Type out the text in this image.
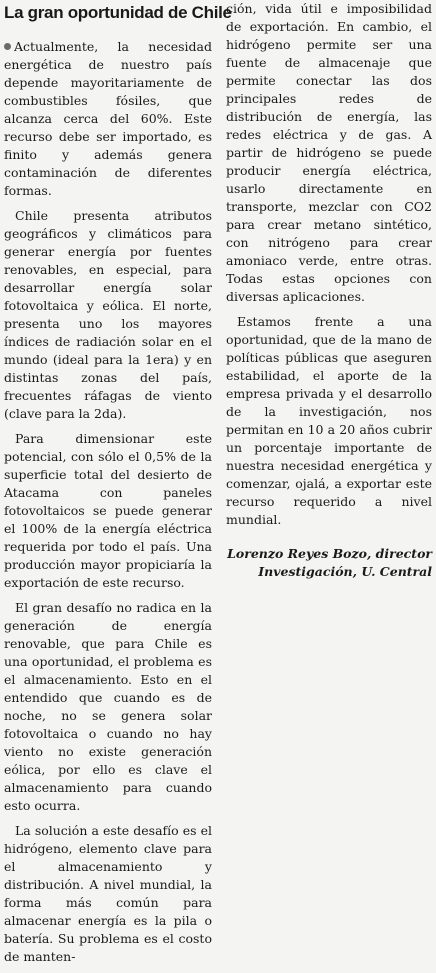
La gran oportunidad de Chile

Actualmente, la necesidad energética de nuestro país depende mayoritariamente de combustibles fósiles, que alcanza cerca del 60%. Este recurso debe ser importado, es finito y además genera contaminación de diferentes formas.

Chile presenta atributos geográficos y climáticos para generar energía por fuentes renovables, en especial, para desarrollar energía solar fotovoltaica y eólica. El norte, presenta uno los mayores índices de radiación solar en el mundo (ideal para la 1era) y en distintas zonas del país, frecuentes ráfagas de viento (clave para la 2da).

Para dimensionar este potencial, con sólo el 0,5% de la superficie total del desierto de Atacama con paneles fotovoltaicos se puede generar el 100% de la energía eléctrica requerida por todo el país. Una producción mayor propiciaría la exportación de este recurso.

El gran desafío no radica en la generación de energía renovable, que para Chile es una oportunidad, el problema es el almacenamiento. Esto en el entendido que cuando es de noche, no se genera solar fotovoltaica o cuando no hay viento no existe generación eólica, por ello es clave el almacenamiento para cuando esto ocurra.

La solución a este desafío es el hidrógeno, elemento clave para el almacenamiento y distribución. A nivel mundial, la forma más común para almacenar energía es la pila o batería. Su problema es el costo de manten-

ción, vida útil e imposibilidad de exportación. En cambio, el hidrógeno permite ser una fuente de almacenaje que permite conectar las dos principales redes de distribución de energía, las redes eléctrica y de gas. A partir de hidrógeno se puede producir energía eléctrica, usarlo directamente en transporte, mezclar con CO2 para crear metano sintético, con nitrógeno para crear amoniaco verde, entre otras. Todas estas opciones con diversas aplicaciones.

Estamos frente a una oportunidad, que de la mano de políticas públicas que aseguren estabilidad, el aporte de la empresa privada y el desarrollo de la investigación, nos permitan en 10 a 20 años cubrir un porcentaje importante de nuestra necesidad energética y comenzar, ojalá, a exportar este recurso requerido a nivel mundial.

Lorenzo Reyes Bozo, director Investigación, U. Central
